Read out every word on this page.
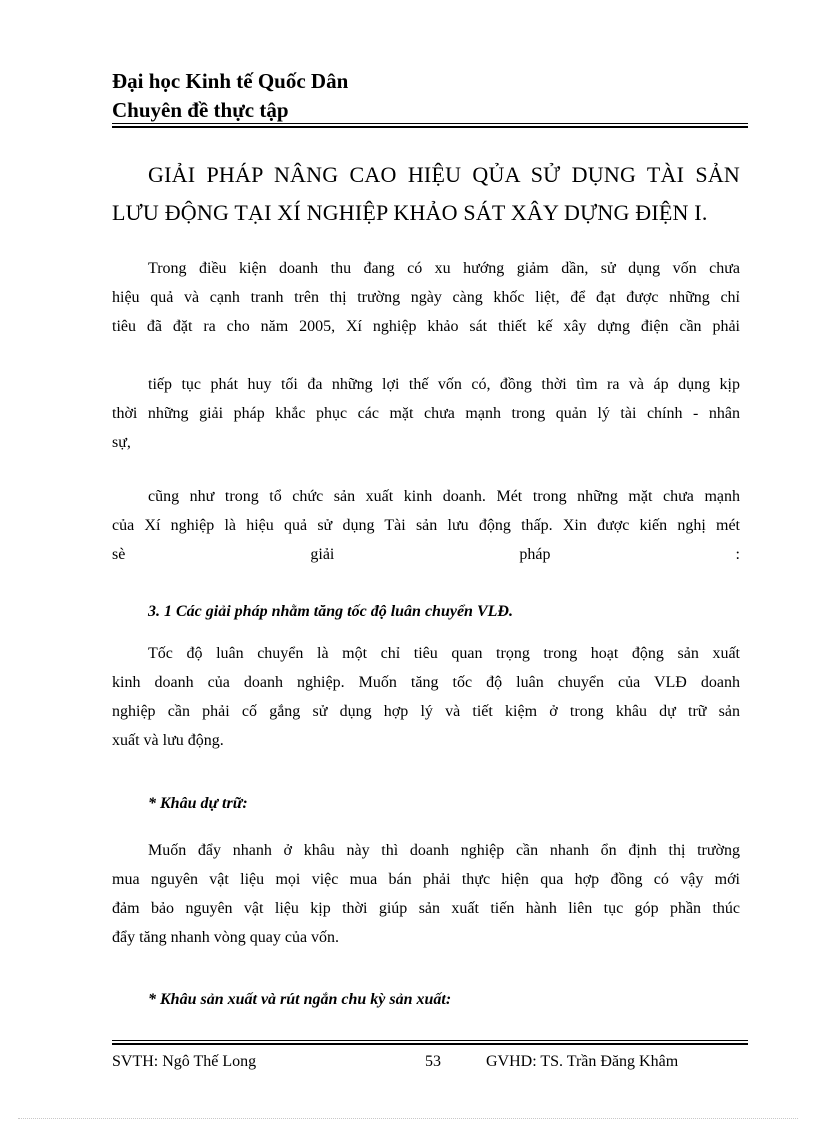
Đại học Kinh tế Quốc Dân
Chuyên đề thực tập
GIẢI PHÁP NÂNG CAO HIỆU QỦA SỬ DỤNG TÀI SẢN
LƯU ĐỘNG TẠI XÍ NGHIỆP KHẢO SÁT XÂY DỰNG ĐIỆN I.
Trong điều kiện doanh thu đang có xu hướng giảm dần, sử dụng vốn chưa
hiệu quả và cạnh tranh trên thị trường ngày càng khốc liệt, để đạt được những chỉ
tiêu đã đặt ra cho năm 2005, Xí nghiệp khảo sát thiết kế xây dựng điện cần phải
tiếp tục phát huy tối đa những lợi thế vốn có, đồng thời tìm ra và áp dụng kịp
thời những giải pháp khắc phục các mặt chưa mạnh trong quản lý tài chính - nhân
sự,
cũng như trong tổ chức sản xuất kinh doanh. Mét trong những mặt chưa mạnh
của Xí nghiệp là hiệu quả sử dụng Tài sản lưu động thấp. Xin được kiến nghị mét
sè giải pháp :
3. 1 Các giải pháp nhằm tăng tốc độ luân chuyển VLĐ.
Tốc độ luân chuyển là một chỉ tiêu quan trọng trong hoạt động sản xuất
kinh doanh của doanh nghiệp. Muốn tăng tốc độ luân chuyển của VLĐ doanh
nghiệp cần phải cố gắng sử dụng hợp lý và tiết kiệm ở trong khâu dự trữ sản
xuất và lưu động.
* Khâu dự trữ:
Muốn đẩy nhanh ở khâu này thì doanh nghiệp cần nhanh ổn định thị trường
mua nguyên vật liệu mọi việc mua bán phải thực hiện qua hợp đồng có vậy mới
đảm bảo nguyên vật liệu kịp thời giúp sản xuất tiến hành liên tục góp phần thúc
đẩy tăng nhanh vòng quay của vốn.
* Khâu sản xuất và rút ngắn chu kỳ sản xuất:
SVTH: Ngô Thế Long	53	GVHD: TS. Trần Đăng Khâm
